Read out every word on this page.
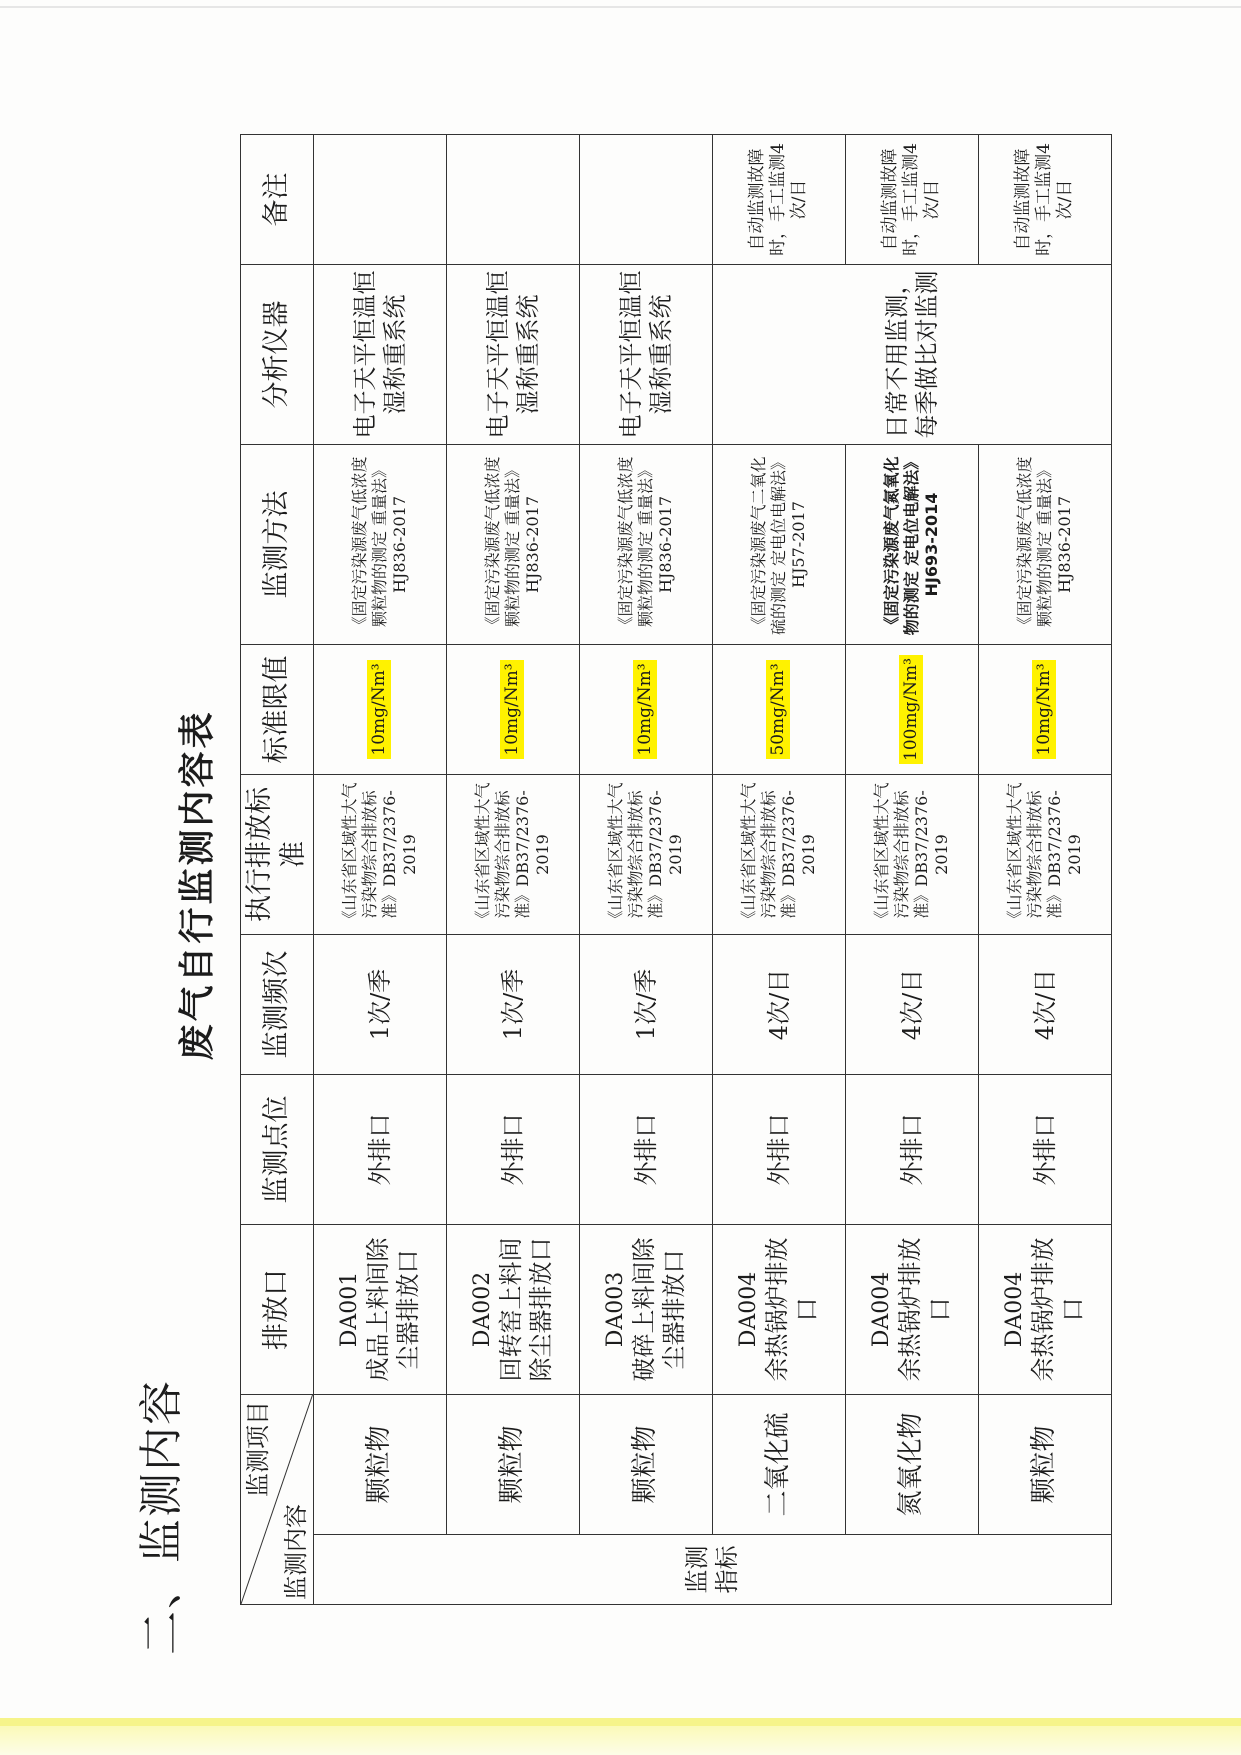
二、监测内容
废气自行监测内容表
监测项目
监测内容		排放口	监测点位	监测频次	执行排放标准	标准限值	监测方法	分析仪器	备注
监测指标	颗粒物	DA001 成品上料间除尘器排放口	外排口	1次/季	《山东省区域性大气污染物综合排放标准》DB37/2376-2019	10mg/Nm³	《固定污染源废气低浓度颗粒物的测定 重量法》HJ836-2017	电子天平恒温恒湿称重系统	
	颗粒物	DA002 回转窑上料间除尘器排放口	外排口	1次/季	《山东省区域性大气污染物综合排放标准》DB37/2376-2019	10mg/Nm³	《固定污染源废气低浓度颗粒物的测定 重量法》HJ836-2017	电子天平恒温恒湿称重系统	
	颗粒物	DA003 破碎上料间除尘器排放口	外排口	1次/季	《山东省区域性大气污染物综合排放标准》DB37/2376-2019	10mg/Nm³	《固定污染源废气低浓度颗粒物的测定 重量法》HJ836-2017	电子天平恒温恒湿称重系统	
	二氧化硫	DA004 余热锅炉排放口	外排口	4次/日	《山东省区域性大气污染物综合排放标准》DB37/2376-2019	50mg/Nm³	《固定污染源废气二氧化硫的测定 定电位电解法》HJ57-2017	日常不用监测，每季做比对监测	自动监测故障时，手工监测4次/日
	氮氧化物	DA004 余热锅炉排放口	外排口	4次/日	《山东省区域性大气污染物综合排放标准》DB37/2376-2019	100mg/Nm³	《固定污染源废气氮氧化物的测定 定电位电解法》HJ693-2014		自动监测故障时，手工监测4次/日
	颗粒物	DA004 余热锅炉排放口	外排口	4次/日	《山东省区域性大气污染物综合排放标准》DB37/2376-2019	10mg/Nm³	《固定污染源废气低浓度颗粒物的测定 重量法》HJ836-2017		自动监测故障时，手工监测4次/日
